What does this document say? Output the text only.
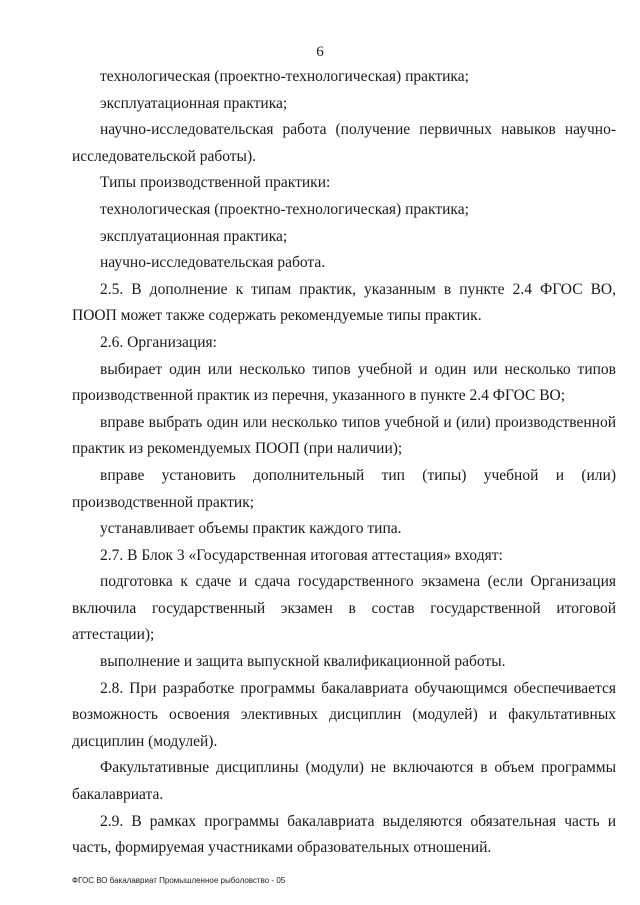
6

технологическая (проектно-технологическая) практика;

эксплуатационная практика;

научно-исследовательская работа (получение первичных навыков научно-исследовательской работы).

Типы производственной практики:

технологическая (проектно-технологическая) практика;

эксплуатационная практика;

научно-исследовательская работа.

2.5. В дополнение к типам практик, указанным в пункте 2.4 ФГОС ВО, ПООП может также содержать рекомендуемые типы практик.

2.6. Организация:

выбирает один или несколько типов учебной и один или несколько типов производственной практик из перечня, указанного в пункте 2.4 ФГОС ВО;

вправе выбрать один или несколько типов учебной и (или) производственной практик из рекомендуемых ПООП (при наличии);

вправе установить дополнительный тип (типы) учебной и (или) производственной практик;

устанавливает объемы практик каждого типа.

2.7. В Блок 3 «Государственная итоговая аттестация» входят:

подготовка к сдаче и сдача государственного экзамена (если Организация включила государственный экзамен в состав государственной итоговой аттестации);

выполнение и защита выпускной квалификационной работы.

2.8. При разработке программы бакалавриата обучающимся обеспечивается возможность освоения элективных дисциплин (модулей) и факультативных дисциплин (модулей).

Факультативные дисциплины (модули) не включаются в объем программы бакалавриата.

2.9. В рамках программы бакалавриата выделяются обязательная часть и часть, формируемая участниками образовательных отношений.

ФГОС ВО бакалавриат Промышленное рыболовство - 05
